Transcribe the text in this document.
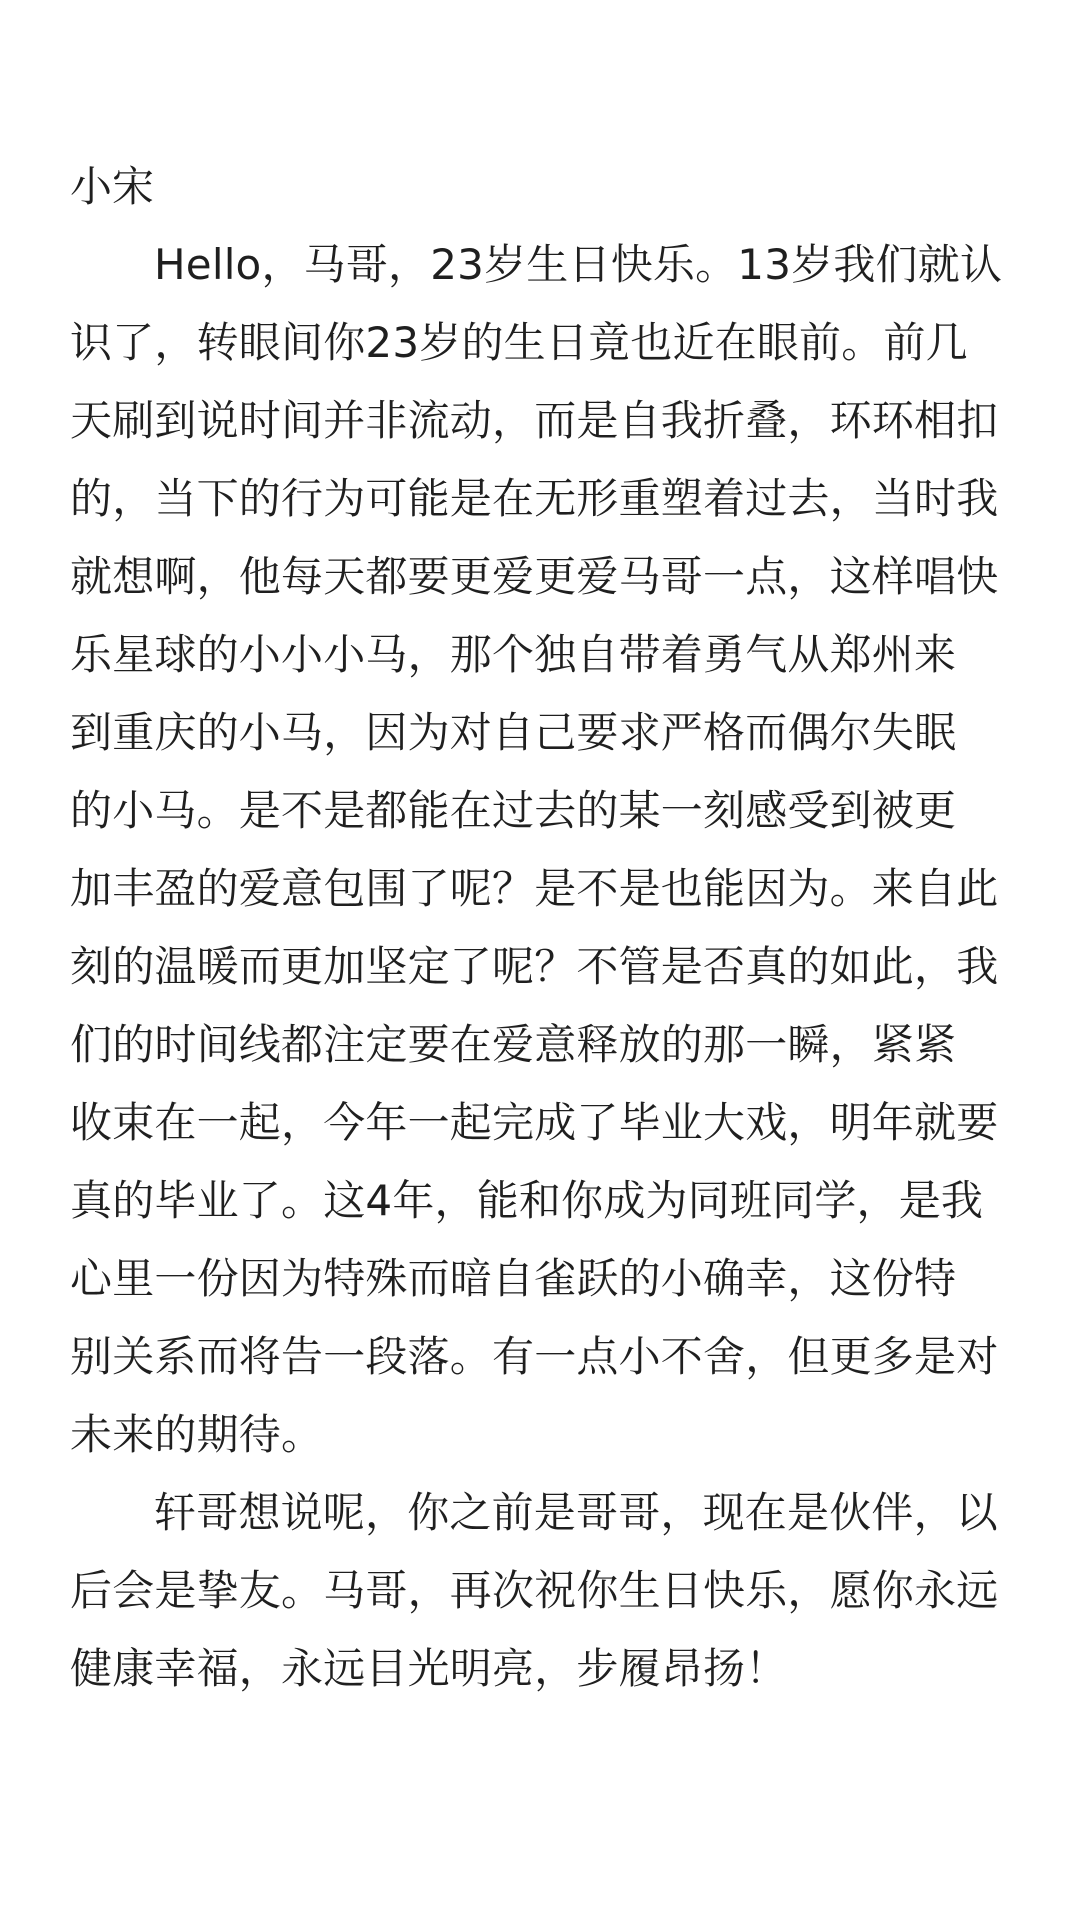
小宋
Hello，马哥，23岁生日快乐。13岁我们就认
识了，转眼间你23岁的生日竟也近在眼前。前几
天刷到说时间并非流动，而是自我折叠，环环相扣
的，当下的行为可能是在无形重塑着过去，当时我
就想啊，他每天都要更爱更爱马哥一点，这样唱快
乐星球的小小小马，那个独自带着勇气从郑州来
到重庆的小马，因为对自己要求严格而偶尔失眠
的小马。是不是都能在过去的某一刻感受到被更
加丰盈的爱意包围了呢？是不是也能因为。来自此
刻的温暖而更加坚定了呢？不管是否真的如此，我
们的时间线都注定要在爱意释放的那一瞬，紧紧
收束在一起，今年一起完成了毕业大戏，明年就要
真的毕业了。这4年，能和你成为同班同学，是我
心里一份因为特殊而暗自雀跃的小确幸，这份特
别关系而将告一段落。有一点小不舍，但更多是对
未来的期待。
轩哥想说呢，你之前是哥哥，现在是伙伴，以
后会是挚友。马哥，再次祝你生日快乐，愿你永远
健康幸福，永远目光明亮，步履昂扬！
